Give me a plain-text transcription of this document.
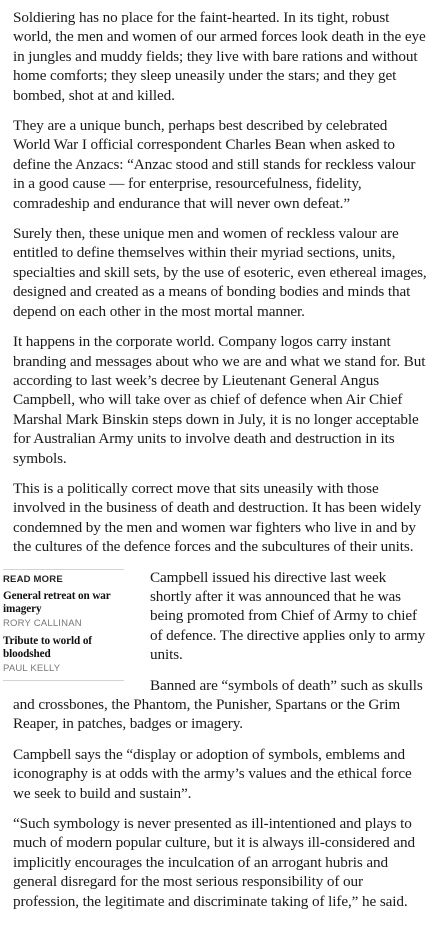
Soldiering has no place for the faint-hearted. In its tight, robust world, the men and women of our armed forces look death in the eye in jungles and muddy fields; they live with bare rations and without home comforts; they sleep uneasily under the stars; and they get bombed, shot at and killed.

They are a unique bunch, perhaps best described by celebrated World War I official correspondent Charles Bean when asked to define the Anzacs: “Anzac stood and still stands for reckless valour in a good cause — for enterprise, resourcefulness, fidelity, comradeship and endurance that will never own defeat.”

Surely then, these unique men and women of reckless valour are entitled to define themselves within their myriad sections, units, specialties and skill sets, by the use of esoteric, even ethereal images, designed and created as a means of bonding bodies and minds that depend on each other in the most mortal manner.

It happens in the corporate world. Company logos carry instant branding and messages about who we are and what we stand for. But according to last week’s decree by Lieutenant General Angus Campbell, who will take over as chief of defence when Air Chief Marshal Mark Binskin steps down in July, it is no longer acceptable for Australian Army units to involve death and destruction in its symbols.

This is a politically correct move that sits uneasily with those involved in the business of death and destruction. It has been widely condemned by the men and women war fighters who live in and by the cultures of the defence forces and the subcultures of their units.

READ MORE
General retreat on war imagery
RORY CALLINAN
Tribute to world of bloodshed
PAUL KELLY

Campbell issued his directive last week shortly after it was announced that he was being promoted from Chief of Army to chief of defence. The directive applies only to army units.

Banned are “symbols of death” such as skulls and crossbones, the Phantom, the Punisher, Spartans or the Grim Reaper, in patches, badges or imagery.

Campbell says the “display or adoption of symbols, emblems and iconography is at odds with the army’s values and the ethical force we seek to build and sustain”.

“Such symbology is never presented as ill-intentioned and plays to much of modern popular culture, but it is always ill-considered and implicitly encourages the inculcation of an arrogant hubris and general disregard for the most serious responsibility of our profession, the legitimate and discriminate taking of life,” he said.
